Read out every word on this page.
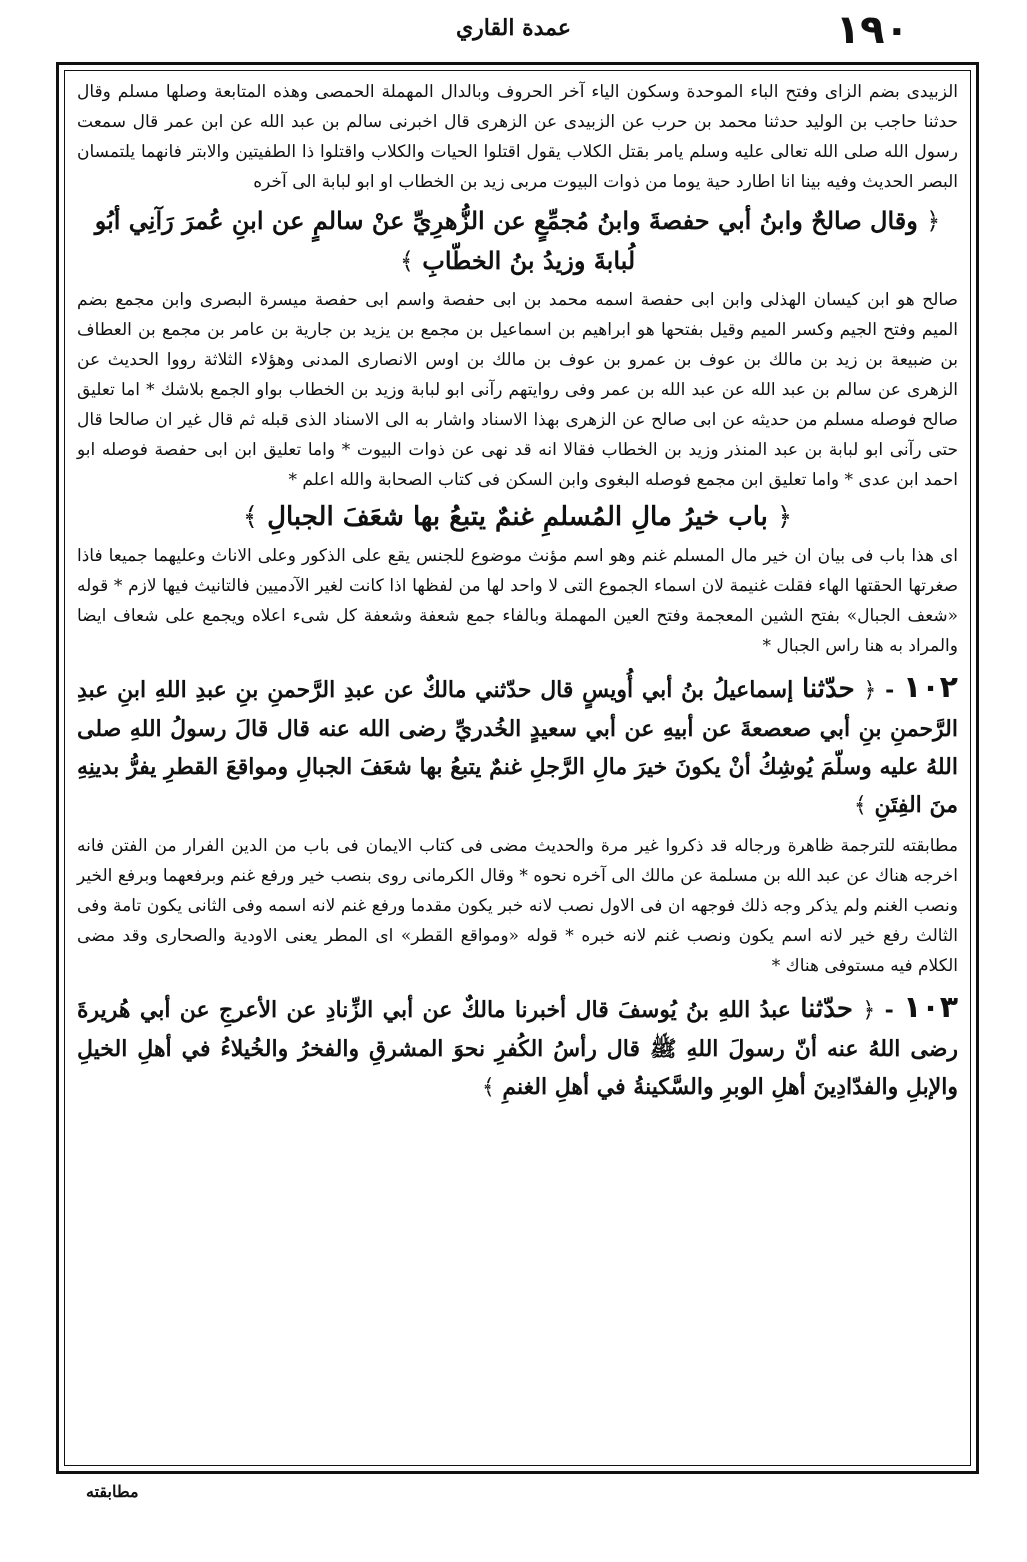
عمدة القاري	١٩٠

الزبيدى بضم الزاى وفتح الباء الموحدة وسكون الياء آخر الحروف وبالدال المهملة الحمصى وهذه المتابعة وصلها مسلم وقال حدثنا حاجب بن الوليد حدثنا محمد بن حرب عن الزبيدى عن الزهرى قال اخبرنى سالم بن عبد الله عن ابن عمر قال سمعت رسول الله صلى الله تعالى عليه وسلم يامر بقتل الكلاب يقول اقتلوا الحيات والكلاب واقتلوا ذا الطفيتين والابتر فانهما يلتمسان البصر الحديث وفيه بينا انا اطارد حية يوما من ذوات البيوت مربى زيد بن الخطاب او ابو لبابة الى آخره

﴿ وقال صالحٌ وابنُ أبي حفصةَ وابنُ مُجمِّعٍ عن الزُّهرِيِّ عنْ سالمٍ عن ابنِ عُمرَ رَآنِي أبُو لُبابةَ وزيدُ بنُ الخطّابِ ﴾

صالح هو ابن كيسان الهذلى وابن ابى حفصة اسمه محمد بن ابى حفصة واسم ابى حفصة ميسرة البصرى وابن مجمع بضم الميم وفتح الجيم وكسر الميم وقيل بفتحها هو ابراهيم بن اسماعيل بن مجمع بن يزيد بن جارية بن عامر بن مجمع بن العطاف بن ضبيعة بن زيد بن مالك بن عوف بن عمرو بن عوف بن مالك بن اوس الانصارى المدنى وهؤلاء الثلاثة رووا الحديث عن الزهرى عن سالم بن عبد الله عن عبد الله بن عمر وفى روايتهم رآنى ابو لبابة وزيد بن الخطاب بواو الجمع بلاشك * اما تعليق صالح فوصله مسلم من حديثه عن ابى صالح عن الزهرى بهذا الاسناد واشار به الى الاسناد الذى قبله ثم قال غير ان صالحا قال حتى رآنى ابو لبابة بن عبد المنذر وزيد بن الخطاب فقالا انه قد نهى عن ذوات البيوت * واما تعليق ابن ابى حفصة فوصله ابو احمد ابن عدى * واما تعليق ابن مجمع فوصله البغوى وابن السكن فى كتاب الصحابة والله اعلم *

﴿ باب خيرُ مالِ المُسلمِ غنمٌ يتبعُ بها شعَفَ الجبالِ ﴾

اى هذا باب فى بيان ان خير مال المسلم غنم وهو اسم مؤنث موضوع للجنس يقع على الذكور وعلى الاناث وعليهما جميعا فاذا صغرتها الحقتها الهاء فقلت غنيمة لان اسماء الجموع التى لا واحد لها من لفظها اذا كانت لغير الآدميين فالتانيث فيها لازم * قوله «شعف الجبال» بفتح الشين المعجمة وفتح العين المهملة وبالفاء جمع شعفة وشعفة كل شىء اعلاه ويجمع على شعاف ايضا والمراد به هنا راس الجبال *

١٠٢ - ﴿ حدّثنا إسماعيلُ بنُ أبي أُويسٍ قال حدّثني مالكٌ عن عبدِ الرَّحمنِ بنِ عبدِ اللهِ ابنِ عبدِ الرَّحمنِ بنِ أبي صعصعةَ عن أبيهِ عن أبي سعيدٍ الخُدريِّ رضى الله عنه قال قالَ رسولُ اللهِ صلى اللهُ عليه وسلّمَ يُوشِكُ أنْ يكونَ خيرَ مالِ الرَّجلِ غنمٌ يتبعُ بها شعَفَ الجبالِ ومواقعَ القطرِ يفرُّ بدينِهِ منَ الفِتَنِ ﴾

مطابقته للترجمة ظاهرة ورجاله قد ذكروا غير مرة والحديث مضى فى كتاب الايمان فى باب من الدين الفرار من الفتن فانه اخرجه هناك عن عبد الله بن مسلمة عن مالك الى آخره نحوه * وقال الكرمانى روى بنصب خير ورفع غنم وبرفعهما وبرفع الخير ونصب الغنم ولم يذكر وجه ذلك فوجهه ان فى الاول نصب لانه خبر يكون مقدما ورفع غنم لانه اسمه وفى الثانى يكون تامة وفى الثالث رفع خير لانه اسم يكون ونصب غنم لانه خبره * قوله «ومواقع القطر» اى المطر يعنى الاودية والصحارى وقد مضى الكلام فيه مستوفى هناك *

١٠٣ - ﴿ حدّثنا عبدُ اللهِ بنُ يُوسفَ قال أخبرنا مالكٌ عن أبي الزِّنادِ عن الأعرجِ عن أبي هُريرةَ رضى اللهُ عنه أنّ رسولَ اللهِ ﷺ قال رأسُ الكُفرِ نحوَ المشرقِ والفخرُ والخُيلاءُ في أهلِ الخيلِ والإبلِ والفدّادِينَ أهلِ الوبرِ والسَّكينةُ في أهلِ الغنمِ ﴾

مطابقته
